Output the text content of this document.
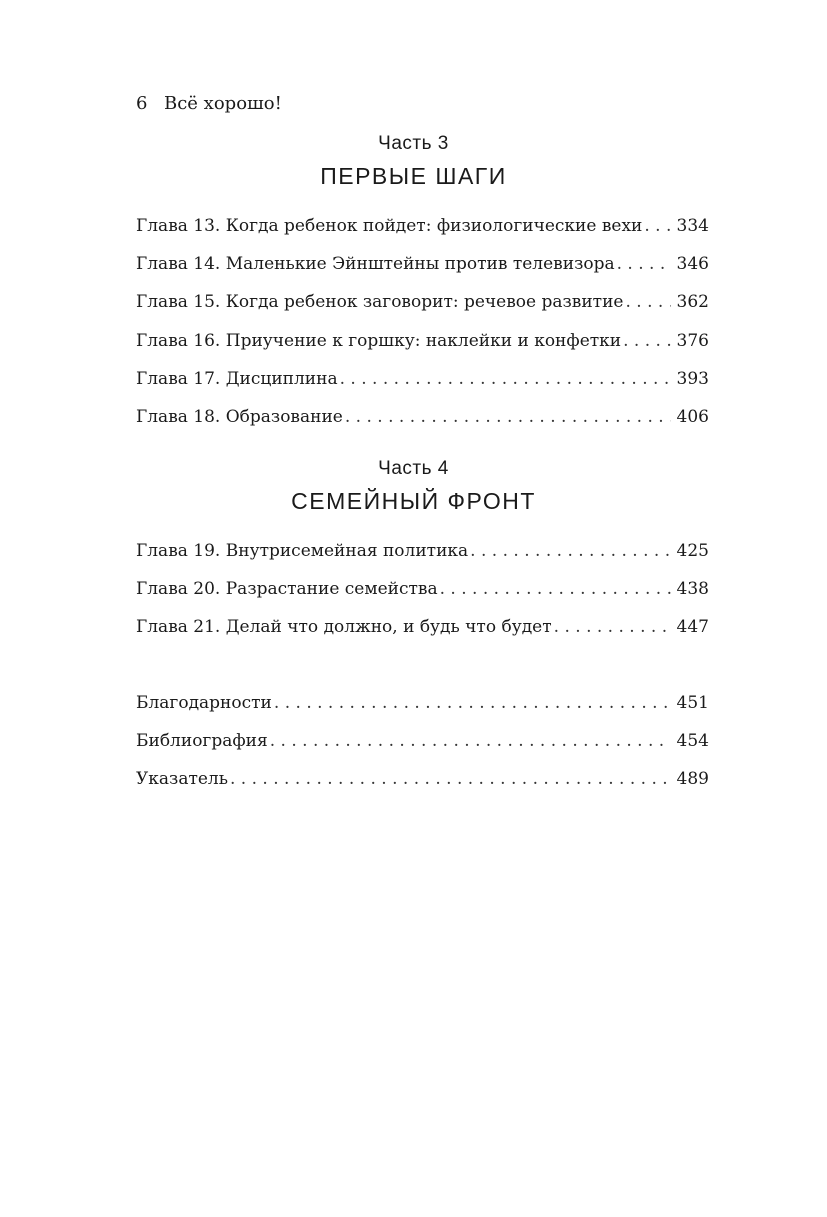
6 Всё хорошо!
Часть 3
ПЕРВЫЕ ШАГИ
Глава 13. Когда ребенок пойдет: физиологические вехи . . . 334
Глава 14. Маленькие Эйнштейны против телевизора . . .	346
Глава 15. Когда ребенок заговорит: речевое развитие . . .	362
Глава 16. Приучение к горшку: наклейки и конфетки . . .	376
Глава 17. Дисциплина . . .	393
Глава 18. Образование . . .	406
Часть 4
СЕМЕЙНЫЙ ФРОНТ
Глава 19. Внутрисемейная политика . . .	425
Глава 20. Разрастание семейства . . .	438
Глава 21. Делай что должно, и будь что будет . . .	447
Благодарности . . .	451
Библиография . . .	454
Указатель . . .	489
